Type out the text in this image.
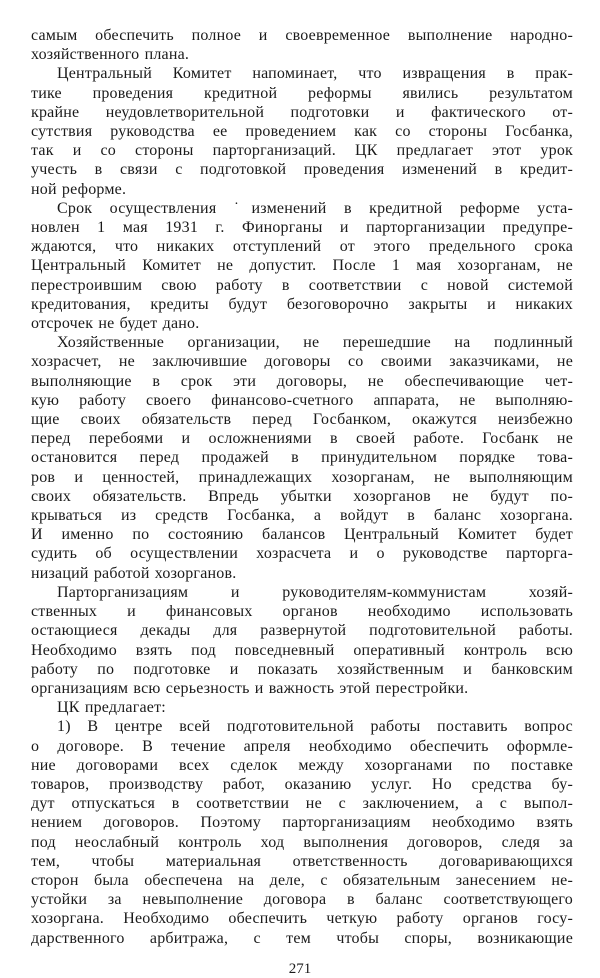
самым обеспечить полное и своевременное выполнение народно-
хозяйственного плана.
Центральный Комитет напоминает, что извращения в прак-
тике проведения кредитной реформы явились результатом
крайне неудовлетворительной подготовки и фактического от-
сутствия руководства ее проведением как со стороны Госбанка,
так и со стороны парторганизаций. ЦК предлагает этот урок
учесть в связи с подготовкой проведения изменений в кредит-
ной реформе.
Срок осуществления ˙изменений в кредитной реформе уста-
новлен 1 мая 1931 г. Финорганы и парторганизации предупре-
ждаются, что никаких отступлений от этого предельного срока
Центральный Комитет не допустит. После 1 мая хозорганам, не
перестроившим свою работу в соответствии с новой системой
кредитования, кредиты будут безоговорочно закрыты и никаких
отсрочек не будет дано.
Хозяйственные организации, не перешедшие на подлинный
хозрасчет, не заключившие договоры со своими заказчиками, не
выполняющие в срок эти договоры, не обеспечивающие чет-
кую работу своего финансово-счетного аппарата, не выполняю-
щие своих обязательств перед Госбанком, окажутся неизбежно
перед перебоями и осложнениями в своей работе. Госбанк не
остановится перед продажей в принудительном порядке това-
ров и ценностей, принадлежащих хозорганам, не выполняющим
своих обязательств. Впредь убытки хозорганов не будут по-
крываться из средств Госбанка, а войдут в баланс хозоргана.
И именно по состоянию балансов Центральный Комитет будет
судить об осуществлении хозрасчета и о руководстве парторга-
низаций работой хозорганов.
Парторганизациям и руководителям-коммунистам хозяй-
ственных и финансовых органов необходимо использовать
остающиеся декады для развернутой подготовительной работы.
Необходимо взять под повседневный оперативный контроль всю
работу по подготовке и показать хозяйственным и банковским
организациям всю серьезность и важность этой перестройки.
ЦК предлагает:
1) В центре всей подготовительной работы поставить вопрос
о договоре. В течение апреля необходимо обеспечить оформле-
ние договорами всех сделок между хозорганами по поставке
товаров, производству работ, оказанию услуг. Но средства бу-
дут отпускаться в соответствии не с заключением, а с выпол-
нением договоров. Поэтому парторганизациям необходимо взять
под неослабный контроль ход выполнения договоров, следя за
тем, чтобы материальная ответственность договаривающихся
сторон была обеспечена на деле, с обязательным занесением не-
устойки за невыполнение договора в баланс соответствующего
хозоргана. Необходимо обеспечить четкую работу органов госу-
дарственного арбитража, с тем чтобы споры, возникающие
271
